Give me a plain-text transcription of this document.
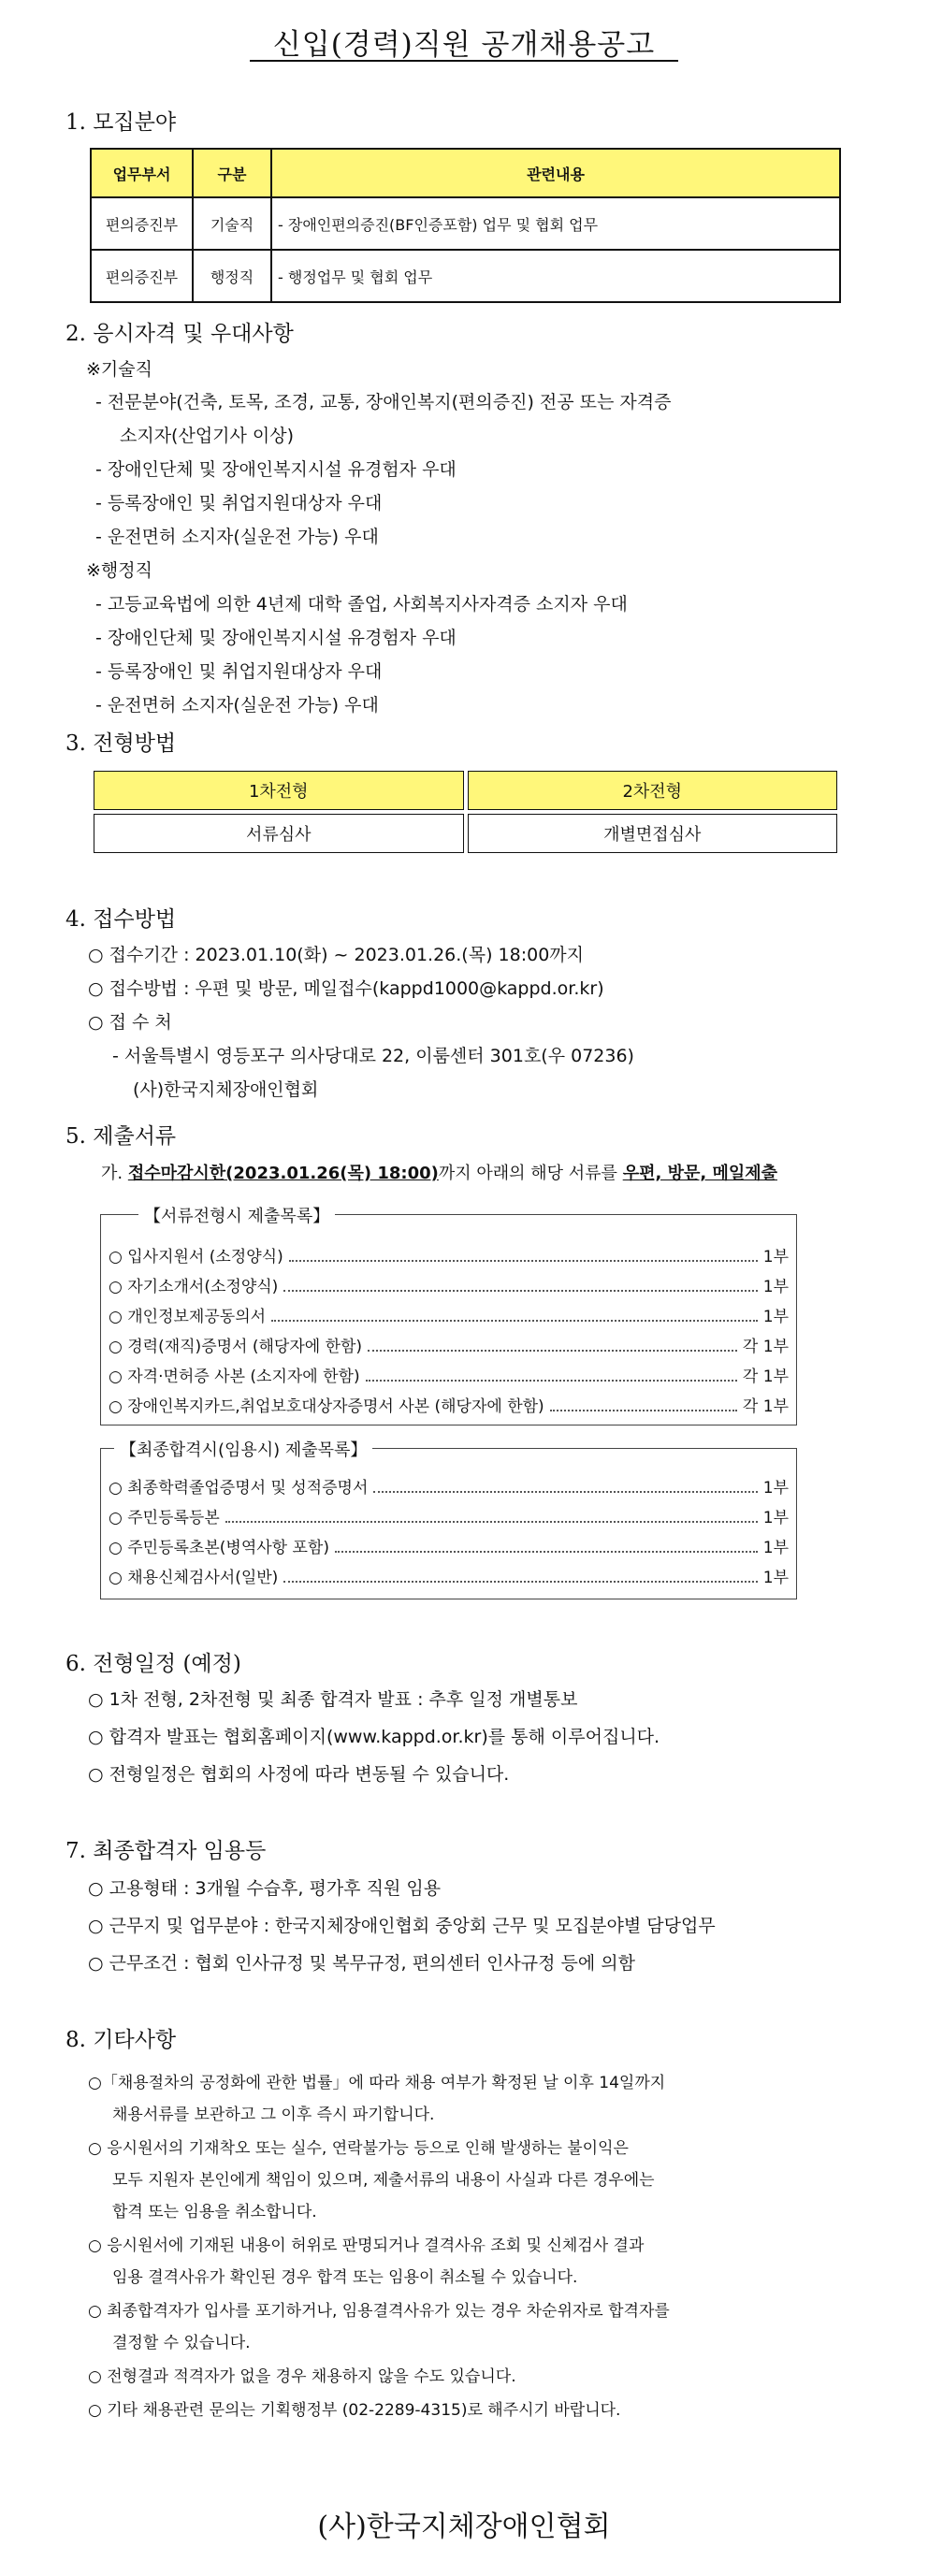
신입(경력)직원 공개채용공고
1. 모집분야
업무부서	구분	관련내용
편의증진부	기술직	- 장애인편의증진(BF인증포함) 업무 및 협회 업무
편의증진부	행정직	- 행정업무 및 협회 업무
2. 응시자격 및 우대사항
※기술직
- 전문분야(건축, 토목, 조경, 교통, 장애인복지(편의증진) 전공 또는 자격증
소지자(산업기사 이상)
- 장애인단체 및 장애인복지시설 유경험자 우대
- 등록장애인 및 취업지원대상자 우대
- 운전면허 소지자(실운전 가능) 우대
※행정직
- 고등교육법에 의한 4년제 대학 졸업, 사회복지사자격증 소지자 우대
- 장애인단체 및 장애인복지시설 유경험자 우대
- 등록장애인 및 취업지원대상자 우대
- 운전면허 소지자(실운전 가능) 우대
3. 전형방법
1차전형	2차전형
서류심사	개별면접심사
4. 접수방법
○ 접수기간 : 2023.01.10(화) ~ 2023.01.26.(목) 18:00까지
○ 접수방법 : 우편 및 방문, 메일접수(kappd1000@kappd.or.kr)
○ 접 수 처
- 서울특별시 영등포구 의사당대로 22, 이룸센터 301호(우 07236)
(사)한국지체장애인협회
5. 제출서류
가. 접수마감시한(2023.01.26(목) 18:00)까지 아래의 해당 서류를 우편, 방문, 메일제출
【서류전형시 제출목록】
○ 입사지원서 (소정양식)	1부
○ 자기소개서(소정양식)	1부
○ 개인정보제공동의서	1부
○ 경력(재직)증명서 (해당자에 한함)	각 1부
○ 자격·면허증 사본 (소지자에 한함)	각 1부
○ 장애인복지카드,취업보호대상자증명서 사본 (해당자에 한함)	각 1부
【최종합격시(임용시) 제출목록】
○ 최종학력졸업증명서 및 성적증명서	1부
○ 주민등록등본	1부
○ 주민등록초본(병역사항 포함)	1부
○ 채용신체검사서(일반)	1부
6. 전형일정 (예정)
○ 1차 전형, 2차전형 및 최종 합격자 발표 : 추후 일정 개별통보
○ 합격자 발표는 협회홈페이지(www.kappd.or.kr)를 통해 이루어집니다.
○ 전형일정은 협회의 사정에 따라 변동될 수 있습니다.
7. 최종합격자 임용등
○ 고용형태 : 3개월 수습후, 평가후 직원 임용
○ 근무지 및 업무분야 : 한국지체장애인협회 중앙회 근무 및 모집분야별 담당업무
○ 근무조건 : 협회 인사규정 및 복무규정, 편의센터 인사규정 등에 의함
8. 기타사항
○「채용절차의 공정화에 관한 법률」에 따라 채용 여부가 확정된 날 이후 14일까지
채용서류를 보관하고 그 이후 즉시 파기합니다.
○ 응시원서의 기재착오 또는 실수, 연락불가능 등으로 인해 발생하는 불이익은
모두 지원자 본인에게 책임이 있으며, 제출서류의 내용이 사실과 다른 경우에는
합격 또는 임용을 취소합니다.
○ 응시원서에 기재된 내용이 허위로 판명되거나 결격사유 조회 및 신체검사 결과
임용 결격사유가 확인된 경우 합격 또는 임용이 취소될 수 있습니다.
○ 최종합격자가 입사를 포기하거나, 임용결격사유가 있는 경우 차순위자로 합격자를
결정할 수 있습니다.
○ 전형결과 적격자가 없을 경우 채용하지 않을 수도 있습니다.
○ 기타 채용관련 문의는 기획행정부 (02-2289-4315)로 해주시기 바랍니다.
(사)한국지체장애인협회
